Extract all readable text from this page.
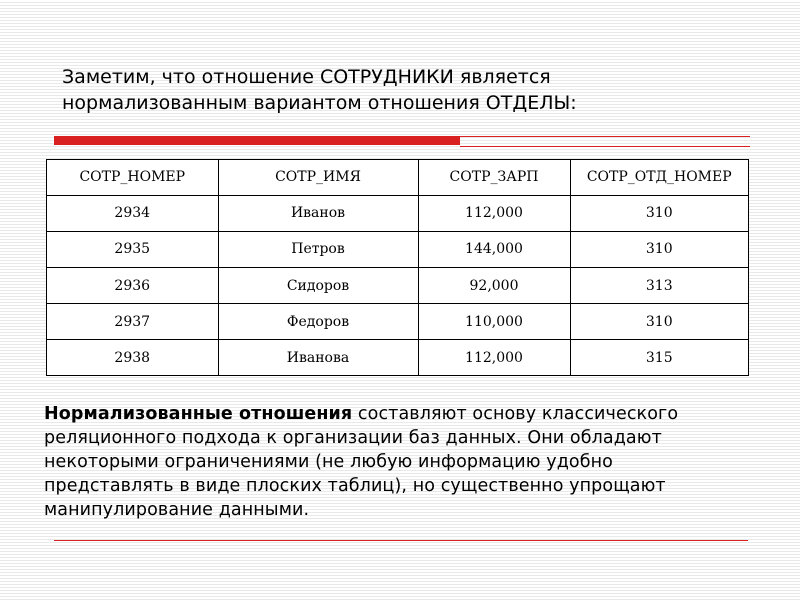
Заметим, что отношение СОТРУДНИКИ является
нормализованным вариантом отношения ОТДЕЛЫ:
СОТР_НОМЕР	СОТР_ИМЯ	СОТР_ЗАРП	СОТР_ОТД_НОМЕР
2934	Иванов	112,000	310
2935	Петров	144,000	310
2936	Сидоров	92,000	313
2937	Федоров	110,000	310
2938	Иванова	112,000	315

Нормализованные отношения составляют основу классического реляционного подхода к организации баз данных. Они обладают некоторыми ограничениями (не любую информацию удобно представлять в виде плоских таблиц), но существенно упрощают манипулирование данными.
